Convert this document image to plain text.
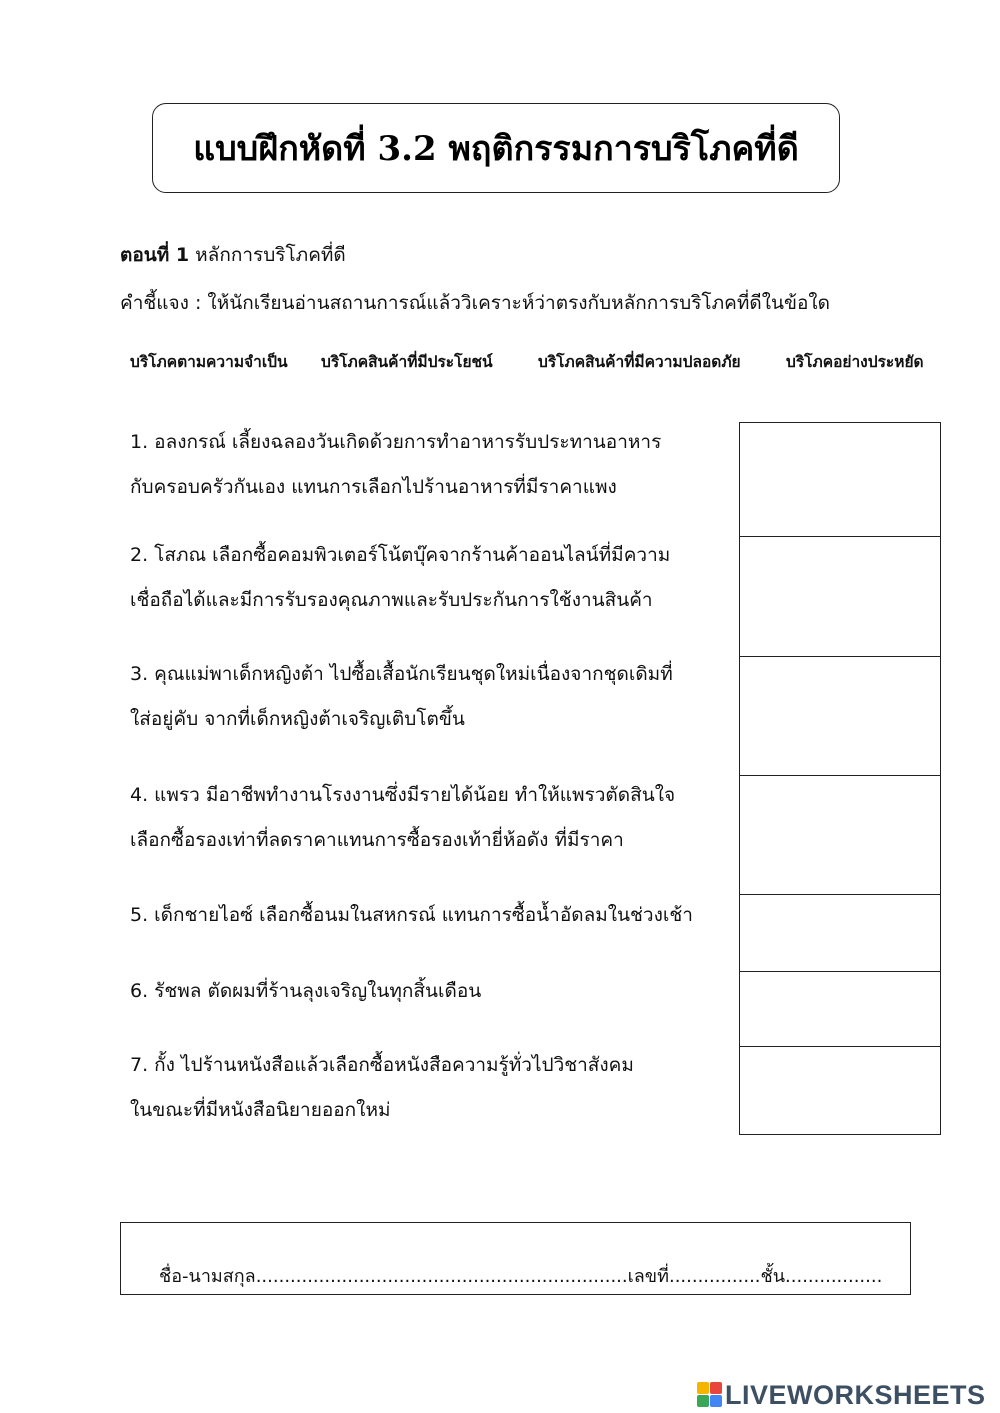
แบบฝึกหัดที่ 3.2 พฤติกรรมการบริโภคที่ดี
ตอนที่ 1 หลักการบริโภคที่ดี
คำชี้แจง : ให้นักเรียนอ่านสถานการณ์แล้ววิเคราะห์ว่าตรงกับหลักการบริโภคที่ดีในข้อใด
บริโภคตามความจำเป็น บริโภคสินค้าที่มีประโยชน์	บริโภคสินค้าที่มีความปลอดภัย	บริโภคอย่างประหยัด
1. อลงกรณ์ เลี้ยงฉลองวันเกิดด้วยการทำอาหารรับประทานอาหาร
กับครอบครัวกันเอง แทนการเลือกไปร้านอาหารที่มีราคาแพง
2. โสภณ เลือกซื้อคอมพิวเตอร์โน้ตบุ๊คจากร้านค้าออนไลน์ที่มีความ
เชื่อถือได้และมีการรับรองคุณภาพและรับประกันการใช้งานสินค้า
3. คุณแม่พาเด็กหญิงต้า ไปซื้อเสื้อนักเรียนชุดใหม่เนื่องจากชุดเดิมที่
ใส่อยู่คับ จากที่เด็กหญิงต้าเจริญเติบโตขึ้น
4. แพรว มีอาชีพทำงานโรงงานซึ่งมีรายได้น้อย ทำให้แพรวตัดสินใจ
เลือกซื้อรองเท่าที่ลดราคาแทนการซื้อรองเท้ายี่ห้อดัง ที่มีราคา
5. เด็กชายไอซ์ เลือกซื้อนมในสหกรณ์ แทนการซื้อน้ำอัดลมในช่วงเช้า
6. รัชพล ตัดผมที่ร้านลุงเจริญในทุกสิ้นเดือน
7. กั้ง ไปร้านหนังสือแล้วเลือกซื้อหนังสือความรู้ทั่วไปวิชาสังคม
ในขณะที่มีหนังสือนิยายออกใหม่
ชื่อ-นามสกุล.................................................................เลขที่................ชั้น.................
LIVEWORKSHEETS
